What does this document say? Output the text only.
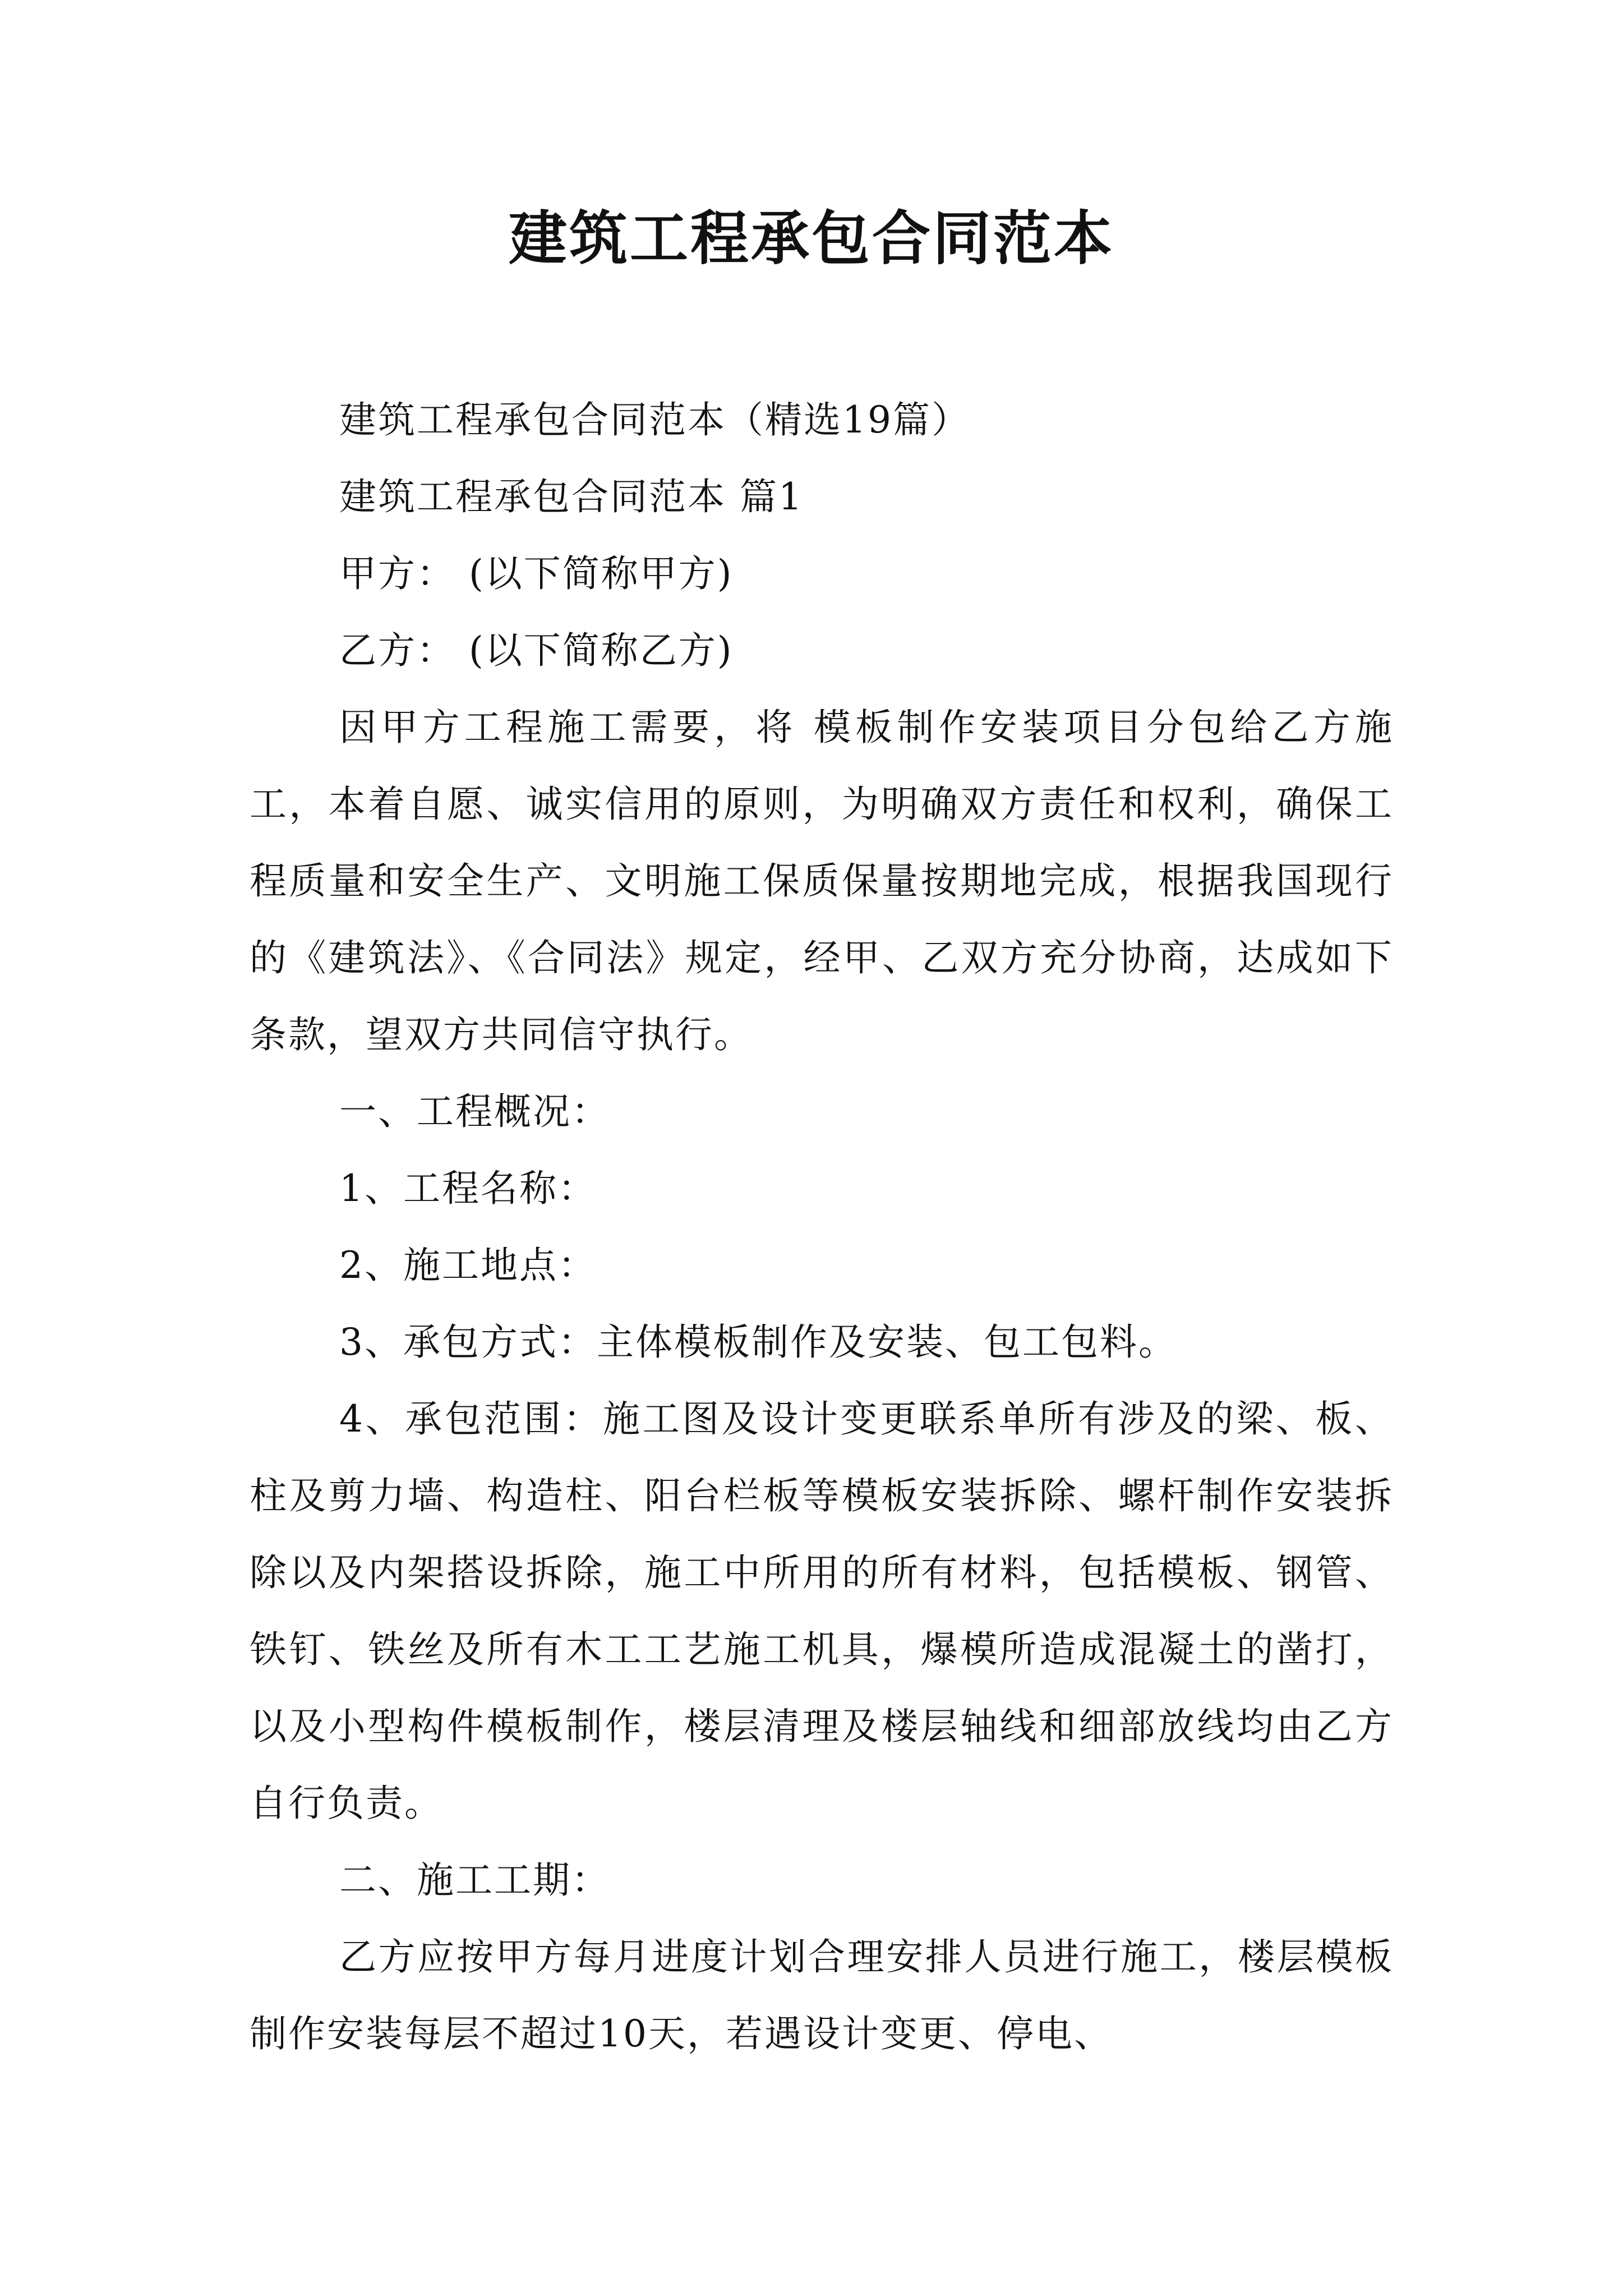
建筑工程承包合同范本

建筑工程承包合同范本（精选19篇）

建筑工程承包合同范本 篇1

甲方： (以下简称甲方)

乙方： (以下简称乙方)

因甲方工程施工需要，将 模板制作安装项目分包给乙方施工，本着自愿、诚实信用的原则，为明确双方责任和权利，确保工程质量和安全生产、文明施工保质保量按期地完成，根据我国现行的《建筑法》、《合同法》规定，经甲、乙双方充分协商，达成如下条款，望双方共同信守执行。

一、工程概况：

1、工程名称：

2、施工地点：

3、承包方式：主体模板制作及安装、包工包料。

4、承包范围：施工图及设计变更联系单所有涉及的梁、板、柱及剪力墙、构造柱、阳台栏板等模板安装拆除、螺杆制作安装拆除以及内架搭设拆除，施工中所用的所有材料，包括模板、钢管、铁钉、铁丝及所有木工工艺施工机具，爆模所造成混凝土的凿打，以及小型构件模板制作，楼层清理及楼层轴线和细部放线均由乙方自行负责。

二、施工工期：

乙方应按甲方每月进度计划合理安排人员进行施工，楼层模板制作安装每层不超过10天，若遇设计变更、停电、
